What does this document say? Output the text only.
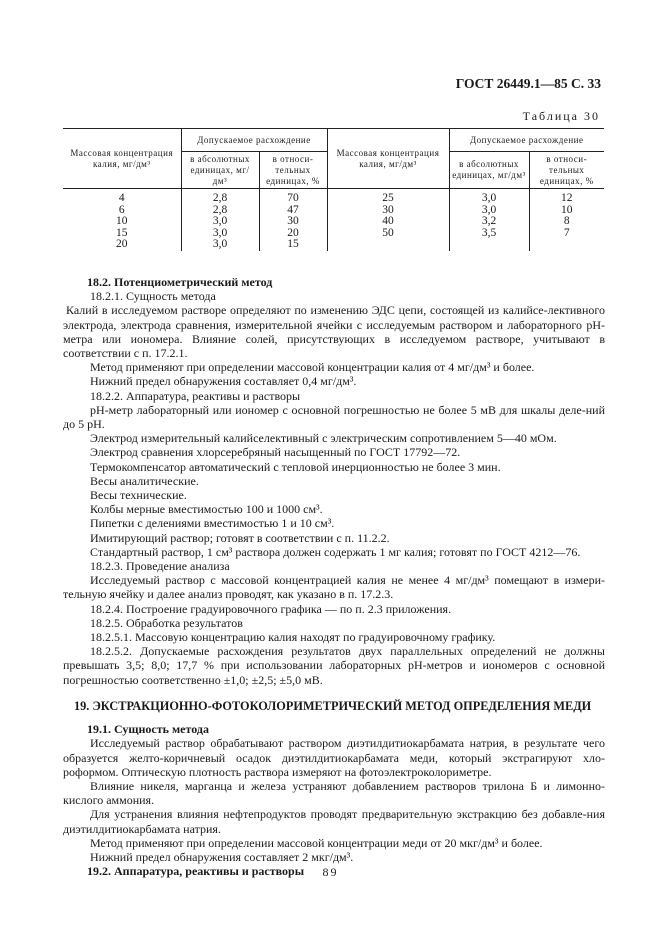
ГОСТ 26449.1—85 С. 33
Таблица 30
Массовая концентрация калия, мг/дм³	Допускаемое расхождение		Массовая концентрация калия, мг/дм³	Допускаемое расхождение	
	в абсолютных единицах, мг/дм³	в относи-тельных единицах, %		в абсолютных единицах, мг/дм³	в относи-тельных единицах, %
4	2,8	70	25	3,0	12
6	2,8	47	30	3,0	10
10	3,0	30	40	3,2	8
15	3,0	20	50	3,5	7
20	3,0	15			

18.2. Потенциометрический метод

18.2.1. Сущность метода

Калий в исследуемом растворе определяют по изменению ЭДС цепи, состоящей из калийсе-лективного электрода, электрода сравнения, измерительной ячейки с исследуемым раствором и лабораторного рН-метра или иономера. Влияние солей, присутствующих в исследуемом растворе, учитывают в соответствии с п. 17.2.1.

Метод применяют при определении массовой концентрации калия от 4 мг/дм³ и более.

Нижний предел обнаружения составляет 0,4 мг/дм³.

18.2.2. Аппаратура, реактивы и растворы

рН-метр лабораторный или иономер с основной погрешностью не более 5 мВ для шкалы деле-ний до 5 рН.

Электрод измерительный калийселективный с электрическим сопротивлением 5—40 мОм.

Электрод сравнения хлорсеребряный насыщенный по ГОСТ 17792—72.

Термокомпенсатор автоматический с тепловой инерционностью не более 3 мин.

Весы аналитические.

Весы технические.

Колбы мерные вместимостью 100 и 1000 см³.

Пипетки с делениями вместимостью 1 и 10 см³.

Имитирующий раствор; готовят в соответствии с п. 11.2.2.

Стандартный раствор, 1 см³ раствора должен содержать 1 мг калия; готовят по ГОСТ 4212—76.

18.2.3. Проведение анализа

Исследуемый раствор с массовой концентрацией калия не менее 4 мг/дм³ помещают в измери-тельную ячейку и далее анализ проводят, как указано в п. 17.2.3.

18.2.4. Построение градуировочного графика — по п. 2.3 приложения.

18.2.5. Обработка результатов

18.2.5.1. Массовую концентрацию калия находят по градуировочному графику.

18.2.5.2. Допускаемые расхождения результатов двух параллельных определений не должны превышать 3,5; 8,0; 17,7 % при использовании лабораторных рН-метров и иономеров с основной погрешностью соответственно ±1,0; ±2,5; ±5,0 мВ.

19. ЭКСТРАКЦИОННО-ФОТОКОЛОРИМЕТРИЧЕСКИЙ МЕТОД ОПРЕДЕЛЕНИЯ МЕДИ

19.1. Сущность метода

Исследуемый раствор обрабатывают раствором диэтилдитиокарбамата натрия, в результате чего образуется желто-коричневый осадок диэтилдитиокарбамата меди, который экстрагируют хло-роформом. Оптическую плотность раствора измеряют на фотоэлектроколориметре.

Влияние никеля, марганца и железа устраняют добавлением растворов трилона Б и лимонно-кислого аммония.

Для устранения влияния нефтепродуктов проводят предварительную экстракцию без добавле-ния диэтилдитиокарбамата натрия.

Метод применяют при определении массовой концентрации меди от 20 мкг/дм³ и более.

Нижний предел обнаружения составляет 2 мкг/дм³.

19.2. Аппаратура, реактивы и растворы	89
